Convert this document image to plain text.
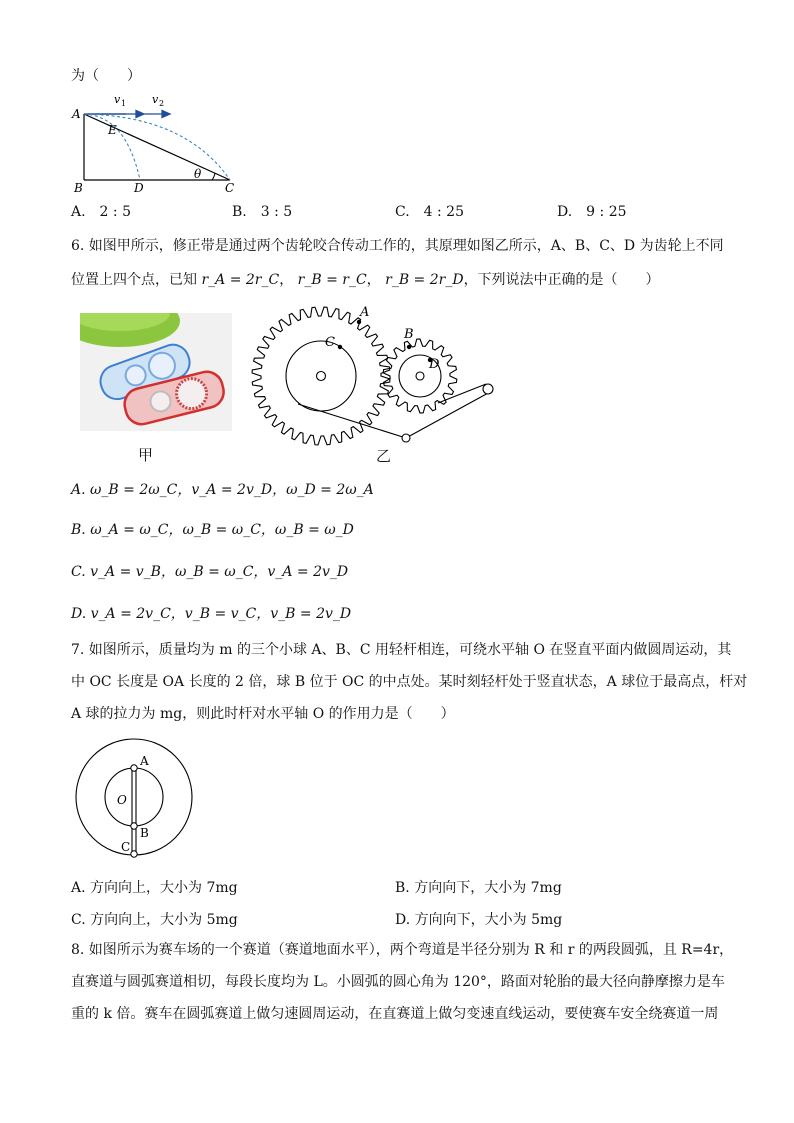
为（　　）
A
E
B	D	C
θ
v 1 v 2
A.　2 : 5	B.　3 : 5	C.　4 : 25	D.　9 : 25
6. 如图甲所示，修正带是通过两个齿轮咬合传动工作的，其原理如图乙所示，A、B、C、D 为齿轮上不同
位置上四个点，已知 r_A = 2r_C， r_B = r_C， r_B = 2r_D，下列说法中正确的是（　　）
甲
A
C
B
D
乙
A. ω_B = 2ω_C，v_A = 2v_D，ω_D = 2ω_A
B. ω_A = ω_C，ω_B = ω_C，ω_B = ω_D
C. v_A = v_B，ω_B = ω_C，v_A = 2v_D
D. v_A = 2v_C，v_B = v_C，v_B = 2v_D
7. 如图所示，质量均为 m 的三个小球 A、B、C 用轻杆相连，可绕水平轴 O 在竖直平面内做圆周运动，其
中 OC 长度是 OA 长度的 2 倍，球 B 位于 OC 的中点处。某时刻轻杆处于竖直状态，A 球位于最高点，杆对
A 球的拉力为 mg，则此时杆对水平轴 O 的作用力是（　　）
A
O
B
C
A. 方向向上，大小为 7mg	B. 方向向下，大小为 7mg
C. 方向向上，大小为 5mg	D. 方向向下，大小为 5mg
8. 如图所示为赛车场的一个赛道（赛道地面水平），两个弯道是半径分别为 R 和 r 的两段圆弧，且 R=4r，
直赛道与圆弧赛道相切，每段长度均为 L。小圆弧的圆心角为 120°，路面对轮胎的最大径向静摩擦力是车
重的 k 倍。赛车在圆弧赛道上做匀速圆周运动，在直赛道上做匀变速直线运动，要使赛车安全绕赛道一周
